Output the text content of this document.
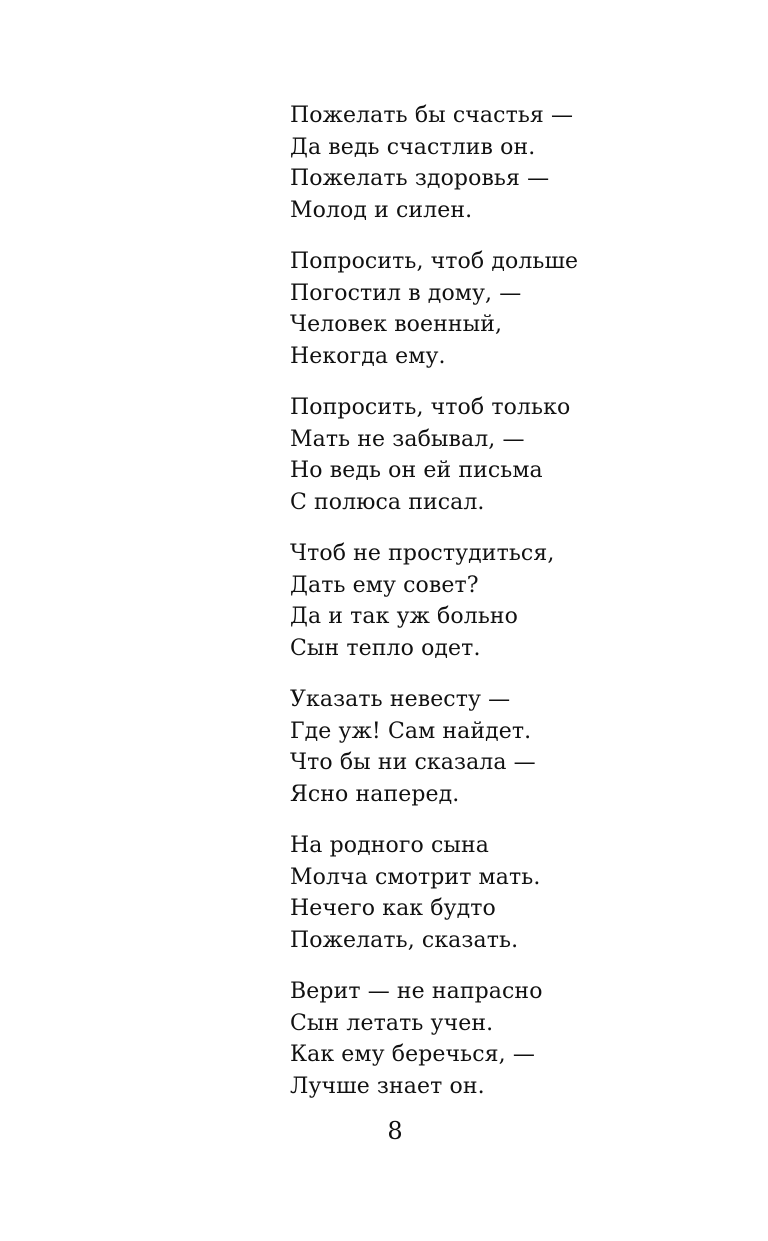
Пожелать бы счастья —
Да ведь счастлив он.
Пожелать здоровья —
Молод и силен.
Попросить, чтоб дольше
Погостил в дому, —
Человек военный,
Некогда ему.
Попросить, чтоб только
Мать не забывал, —
Но ведь он ей письма
С полюса писал.
Чтоб не простудиться,
Дать ему совет?
Да и так уж больно
Сын тепло одет.
Указать невесту —
Где уж! Сам найдет.
Что бы ни сказала —
Ясно наперед.
На родного сына
Молча смотрит мать.
Нечего как будто
Пожелать, сказать.
Верит — не напрасно
Сын летать учен.
Как ему беречься, —
Лучше знает он.
8
